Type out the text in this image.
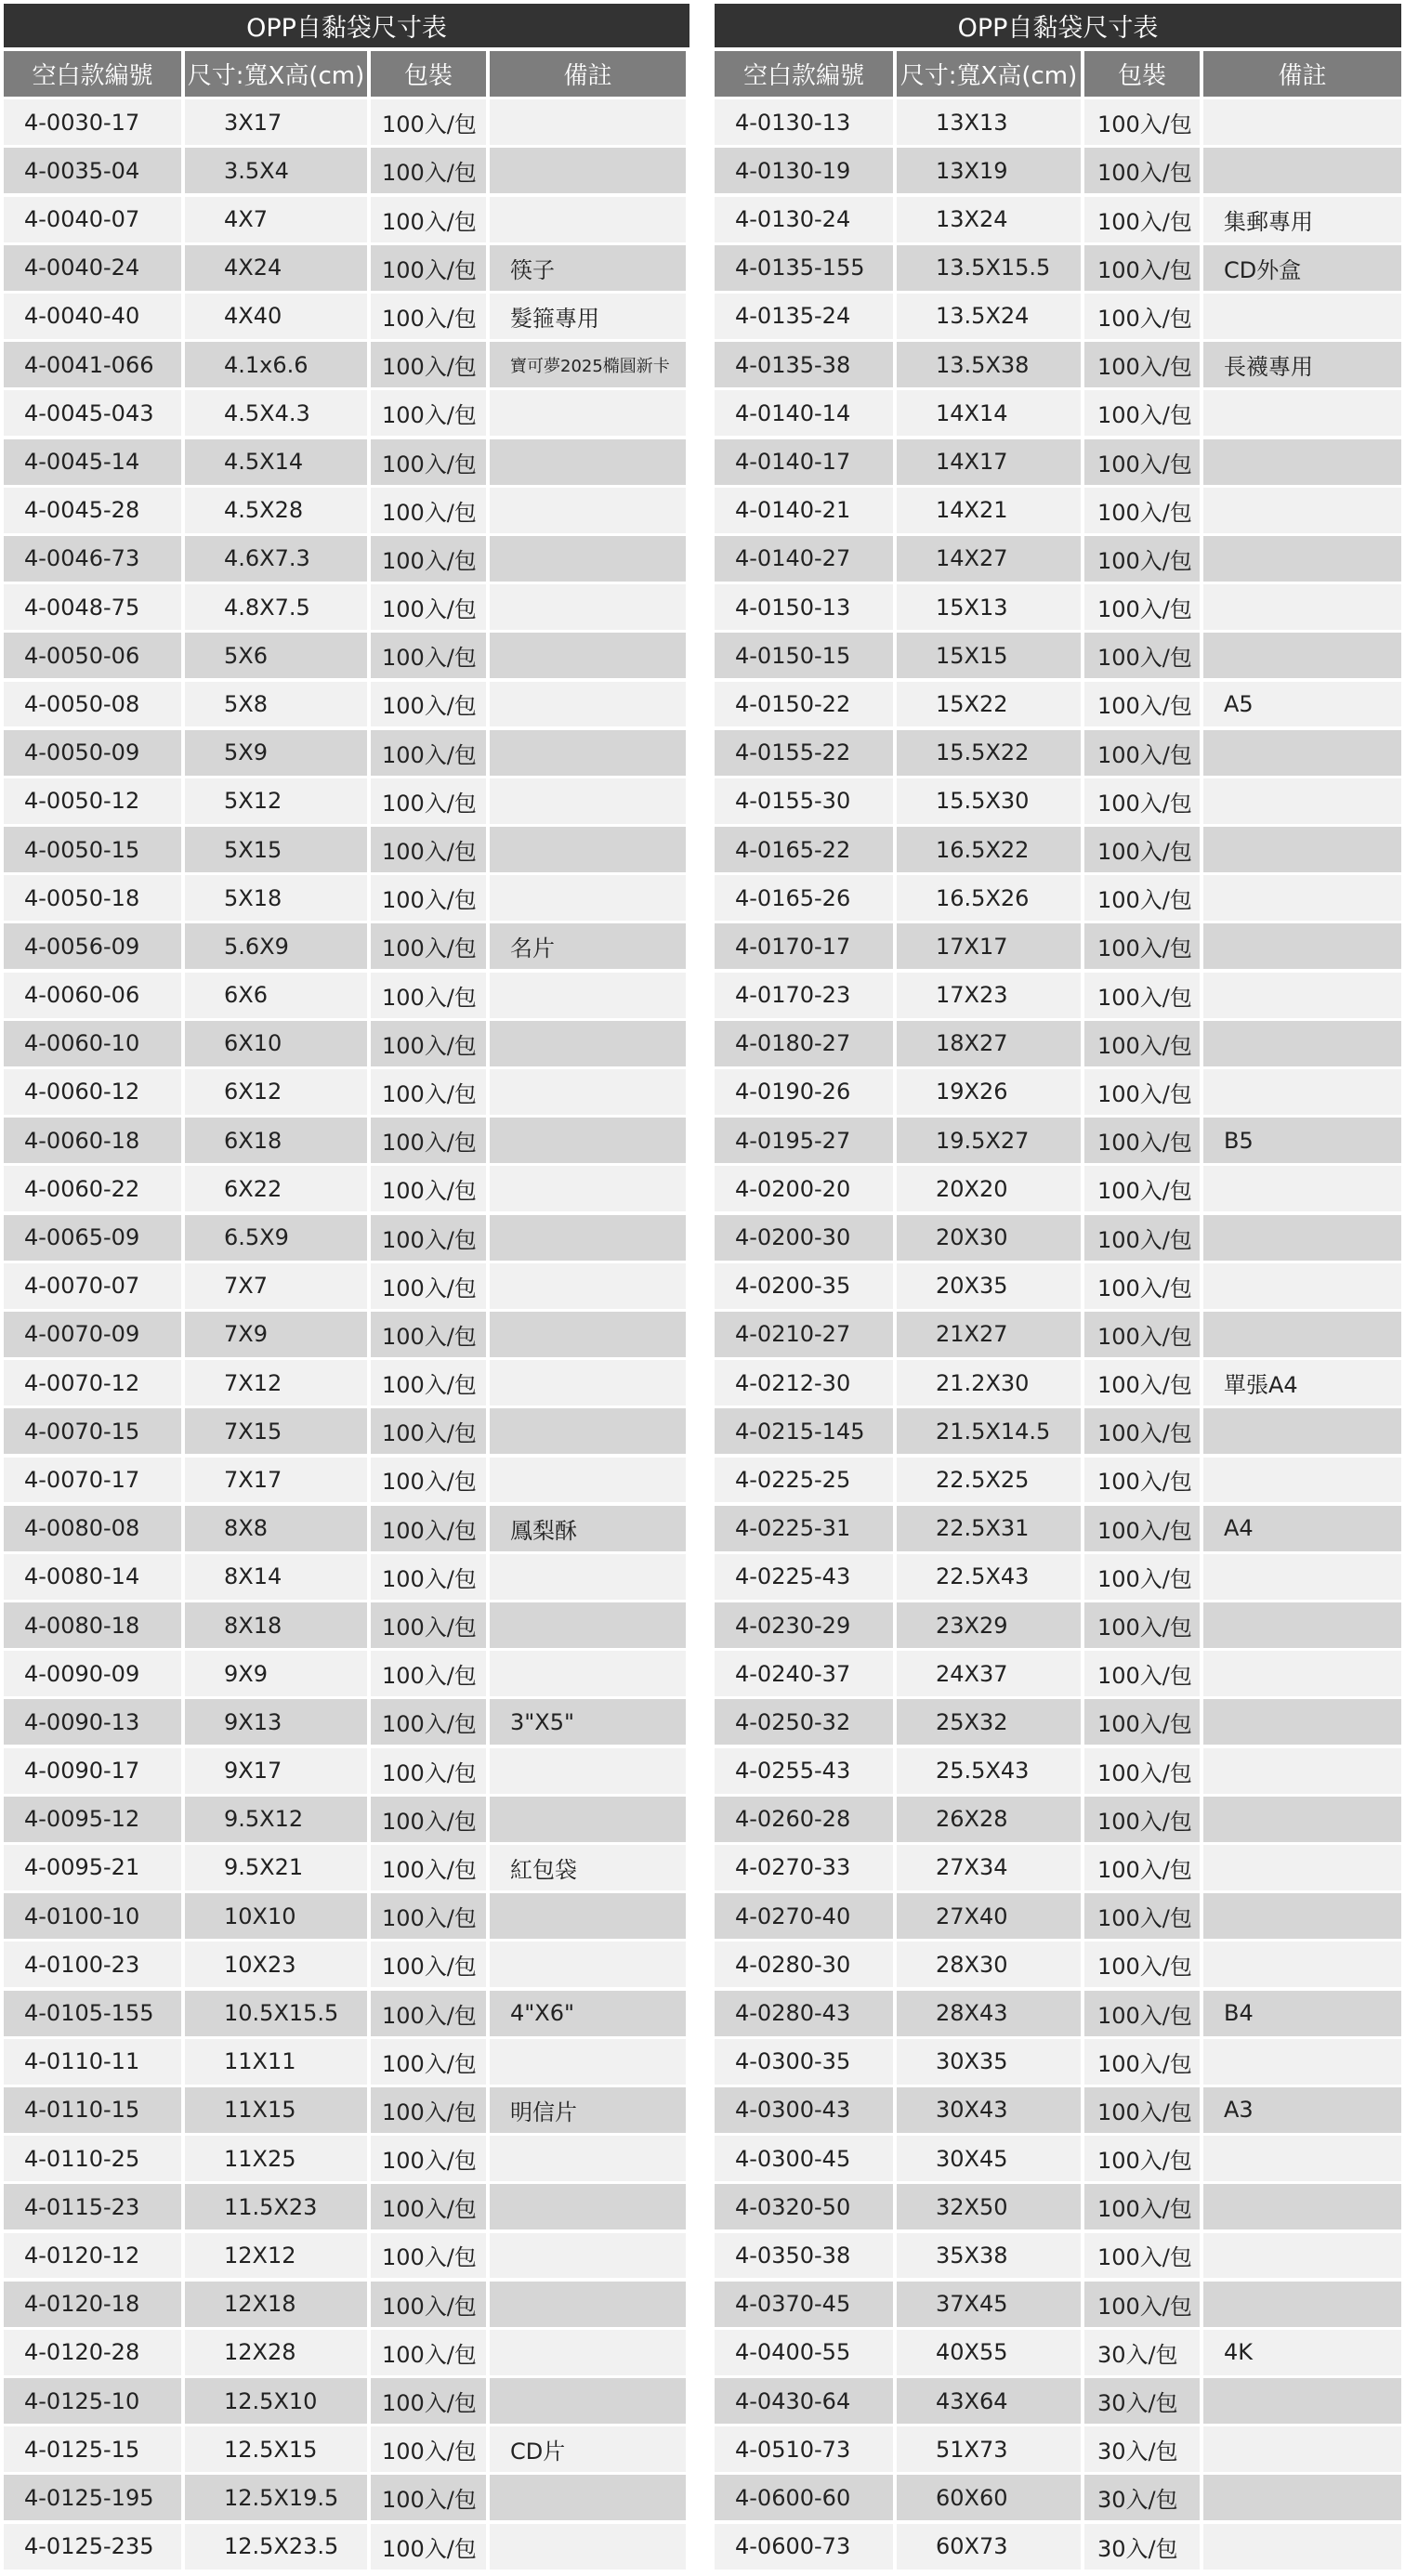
OPP自黏袋尺寸表
空白款編號	尺寸:寬X高(cm)	包裝	備註
4-0030-17	3X17	100入/包
4-0035-04	3.5X4	100入/包
4-0040-07	4X7	100入/包
4-0040-24	4X24	100入/包	筷子
4-0040-40	4X40	100入/包	髮箍專用
4-0041-066	4.1x6.6	100入/包	寶可夢2025橢圓新卡
4-0045-043	4.5X4.3	100入/包
4-0045-14	4.5X14	100入/包
4-0045-28	4.5X28	100入/包
4-0046-73	4.6X7.3	100入/包
4-0048-75	4.8X7.5	100入/包
4-0050-06	5X6	100入/包
4-0050-08	5X8	100入/包
4-0050-09	5X9	100入/包
4-0050-12	5X12	100入/包
4-0050-15	5X15	100入/包
4-0050-18	5X18	100入/包
4-0056-09	5.6X9	100入/包	名片
4-0060-06	6X6	100入/包
4-0060-10	6X10	100入/包
4-0060-12	6X12	100入/包
4-0060-18	6X18	100入/包
4-0060-22	6X22	100入/包
4-0065-09	6.5X9	100入/包
4-0070-07	7X7	100入/包
4-0070-09	7X9	100入/包
4-0070-12	7X12	100入/包
4-0070-15	7X15	100入/包
4-0070-17	7X17	100入/包
4-0080-08	8X8	100入/包	鳳梨酥
4-0080-14	8X14	100入/包
4-0080-18	8X18	100入/包
4-0090-09	9X9	100入/包
4-0090-13	9X13	100入/包	3"X5"
4-0090-17	9X17	100入/包
4-0095-12	9.5X12	100入/包
4-0095-21	9.5X21	100入/包	紅包袋
4-0100-10	10X10	100入/包
4-0100-23	10X23	100入/包
4-0105-155	10.5X15.5	100入/包	4"X6"
4-0110-11	11X11	100入/包
4-0110-15	11X15	100入/包	明信片
4-0110-25	11X25	100入/包
4-0115-23	11.5X23	100入/包
4-0120-12	12X12	100入/包
4-0120-18	12X18	100入/包
4-0120-28	12X28	100入/包
4-0125-10	12.5X10	100入/包
4-0125-15	12.5X15	100入/包	CD片
4-0125-195	12.5X19.5	100入/包
4-0125-235	12.5X23.5	100入/包
OPP自黏袋尺寸表
空白款編號	尺寸:寬X高(cm)	包裝	備註
4-0130-13	13X13	100入/包
4-0130-19	13X19	100入/包
4-0130-24	13X24	100入/包	集郵專用
4-0135-155	13.5X15.5	100入/包	CD外盒
4-0135-24	13.5X24	100入/包
4-0135-38	13.5X38	100入/包	長襪專用
4-0140-14	14X14	100入/包
4-0140-17	14X17	100入/包
4-0140-21	14X21	100入/包
4-0140-27	14X27	100入/包
4-0150-13	15X13	100入/包
4-0150-15	15X15	100入/包
4-0150-22	15X22	100入/包	A5
4-0155-22	15.5X22	100入/包
4-0155-30	15.5X30	100入/包
4-0165-22	16.5X22	100入/包
4-0165-26	16.5X26	100入/包
4-0170-17	17X17	100入/包
4-0170-23	17X23	100入/包
4-0180-27	18X27	100入/包
4-0190-26	19X26	100入/包
4-0195-27	19.5X27	100入/包	B5
4-0200-20	20X20	100入/包
4-0200-30	20X30	100入/包
4-0200-35	20X35	100入/包
4-0210-27	21X27	100入/包
4-0212-30	21.2X30	100入/包	單張A4
4-0215-145	21.5X14.5	100入/包
4-0225-25	22.5X25	100入/包
4-0225-31	22.5X31	100入/包	A4
4-0225-43	22.5X43	100入/包
4-0230-29	23X29	100入/包
4-0240-37	24X37	100入/包
4-0250-32	25X32	100入/包
4-0255-43	25.5X43	100入/包
4-0260-28	26X28	100入/包
4-0270-33	27X34	100入/包
4-0270-40	27X40	100入/包
4-0280-30	28X30	100入/包
4-0280-43	28X43	100入/包	B4
4-0300-35	30X35	100入/包
4-0300-43	30X43	100入/包	A3
4-0300-45	30X45	100入/包
4-0320-50	32X50	100入/包
4-0350-38	35X38	100入/包
4-0370-45	37X45	100入/包
4-0400-55	40X55	30入/包	4K
4-0430-64	43X64	30入/包
4-0510-73	51X73	30入/包
4-0600-60	60X60	30入/包
4-0600-73	60X73	30入/包
